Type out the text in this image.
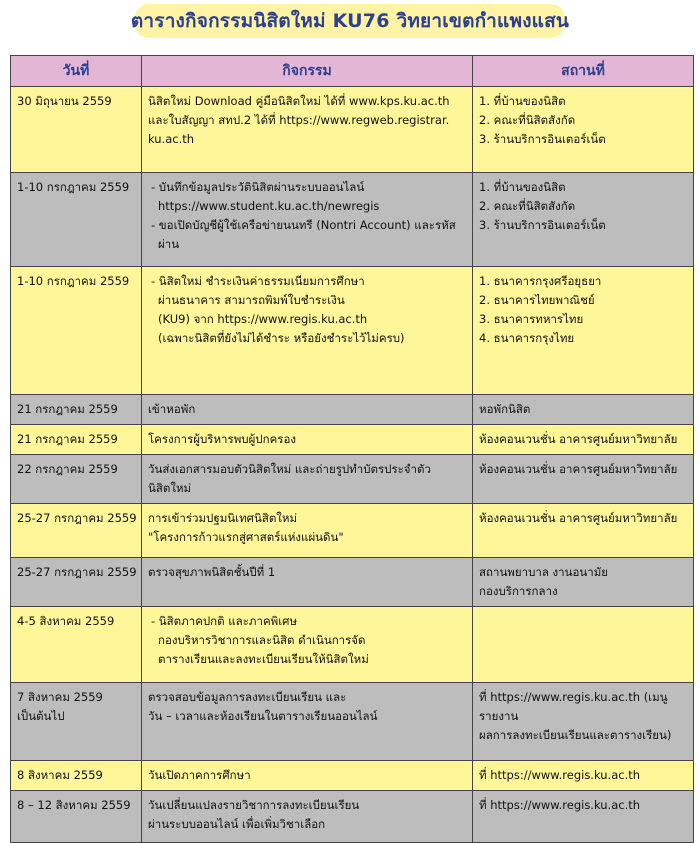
ตารางกิจกรรมนิสิตใหม่ KU76 วิทยาเขตกำแพงแสน
วันที่	กิจกรรม	สถานที่

30 มิถุนายน 2559	นิสิตใหม่ Download คู่มือนิสิตใหม่ ได้ที่ www.kps.ku.ac.th
และใบสัญญา สทป.2 ได้ที่ https://www.regweb.registrar.
ku.ac.th	1. ที่บ้านของนิสิต
2. คณะที่นิสิตสังกัด
3. ร้านบริการอินเตอร์เน็ต

1-10 กรกฎาคม 2559	- บันทึกข้อมูลประวัตินิสิตผ่านระบบออนไลน์
https://www.student.ku.ac.th/newregis
- ขอเปิดบัญชีผู้ใช้เครือข่ายนนทรี (Nontri Account) และรหัส
ผ่าน	1. ที่บ้านของนิสิต
2. คณะที่นิสิตสังกัด
3. ร้านบริการอินเตอร์เน็ต

1-10 กรกฎาคม 2559	- นิสิตใหม่ ชำระเงินค่าธรรมเนียมการศึกษา
ผ่านธนาคาร สามารถพิมพ์ใบชำระเงิน
(KU9) จาก https://www.regis.ku.ac.th
(เฉพาะนิสิตที่ยังไม่ได้ชำระ หรือยังชำระไว้ไม่ครบ)	1. ธนาคารกรุงศรีอยุธยา
2. ธนาคารไทยพาณิชย์
3. ธนาคารทหารไทย
4. ธนาคารกรุงไทย

21 กรกฎาคม 2559	เข้าหอพัก	หอพักนิสิต

21 กรกฎาคม 2559	โครงการผู้บริหารพบผู้ปกครอง	ห้องคอนเวนชั่น อาคารศูนย์มหาวิทยาลัย

22 กรกฎาคม 2559	วันส่งเอกสารมอบตัวนิสิตใหม่ และถ่ายรูปทำบัตรประจำตัว
นิสิตใหม่	ห้องคอนเวนชั่น อาคารศูนย์มหาวิทยาลัย

25-27 กรกฎาคม 2559	การเข้าร่วมปฐมนิเทศนิสิตใหม่
"โครงการก้าวแรกสู่ศาสตร์แห่งแผ่นดิน"	ห้องคอนเวนชั่น อาคารศูนย์มหาวิทยาลัย

25-27 กรกฎาคม 2559	ตรวจสุขภาพนิสิตชั้นปีที่ 1	สถานพยาบาล งานอนามัย
กองบริการกลาง

4-5 สิงหาคม 2559	- นิสิตภาคปกติ และภาคพิเศษ
กองบริหารวิชาการและนิสิต ดำเนินการจัด
ตารางเรียนและลงทะเบียนเรียนให้นิสิตใหม่	

7 สิงหาคม 2559
เป็นต้นไป	ตรวจสอบข้อมูลการลงทะเบียนเรียน และ
วัน – เวลาและห้องเรียนในตารางเรียนออนไลน์	ที่ https://www.regis.ku.ac.th (เมนู
รายงาน
ผลการลงทะเบียนเรียนและตารางเรียน)

8 สิงหาคม 2559	วันเปิดภาคการศึกษา	ที่ https://www.regis.ku.ac.th

8 – 12 สิงหาคม 2559	วันเปลี่ยนแปลงรายวิชาการลงทะเบียนเรียน
ผ่านระบบออนไลน์ เพื่อเพิ่มวิชาเลือก	ที่ https://www.regis.ku.ac.th
